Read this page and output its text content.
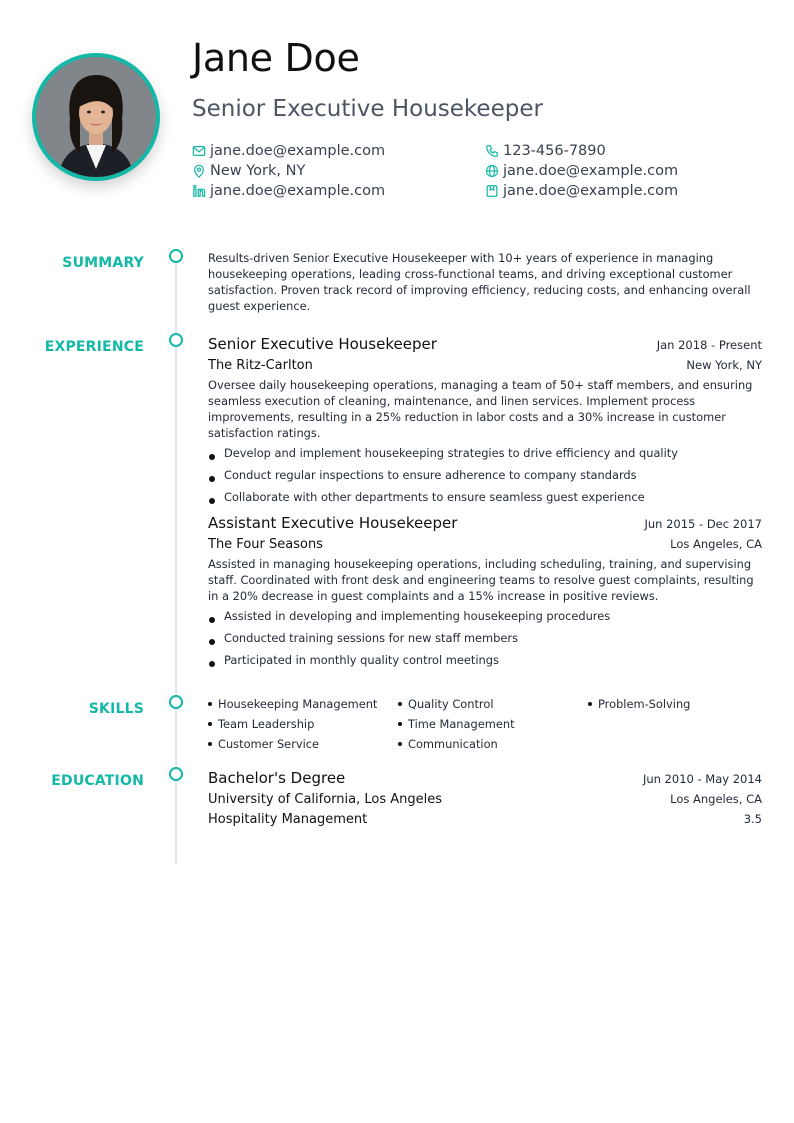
Jane Doe
Senior Executive Housekeeper
jane.doe@example.com	123-456-7890
New York, NY	jane.doe@example.com
jane.doe@example.com	jane.doe@example.com
SUMMARY
EXPERIENCE
SKILLS
EDUCATION

Results-driven Senior Executive Housekeeper with 10+ years of experience in managing housekeeping operations, leading cross-functional teams, and driving exceptional customer satisfaction. Proven track record of improving efficiency, reducing costs, and enhancing overall guest experience.

Senior Executive Housekeeper	Jan 2018 - Present
The Ritz-Carlton	New York, NY

Oversee daily housekeeping operations, managing a team of 50+ staff members, and ensuring seamless execution of cleaning, maintenance, and linen services. Implement process improvements, resulting in a 25% reduction in labor costs and a 30% increase in customer satisfaction ratings.

Develop and implement housekeeping strategies to drive efficiency and quality
Conduct regular inspections to ensure adherence to company standards
Collaborate with other departments to ensure seamless guest experience
Assistant Executive Housekeeper	Jun 2015 - Dec 2017
The Four Seasons	Los Angeles, CA

Assisted in managing housekeeping operations, including scheduling, training, and supervising staff. Coordinated with front desk and engineering teams to resolve guest complaints, resulting in a 20% decrease in guest complaints and a 15% increase in positive reviews.

Assisted in developing and implementing housekeeping procedures
Conducted training sessions for new staff members
Participated in monthly quality control meetings
Housekeeping Management	Quality Control	Problem-Solving
Team Leadership	Time Management
Customer Service	Communication
Bachelor's Degree	Jun 2010 - May 2014
University of California, Los Angeles	Los Angeles, CA
Hospitality Management	3.5
